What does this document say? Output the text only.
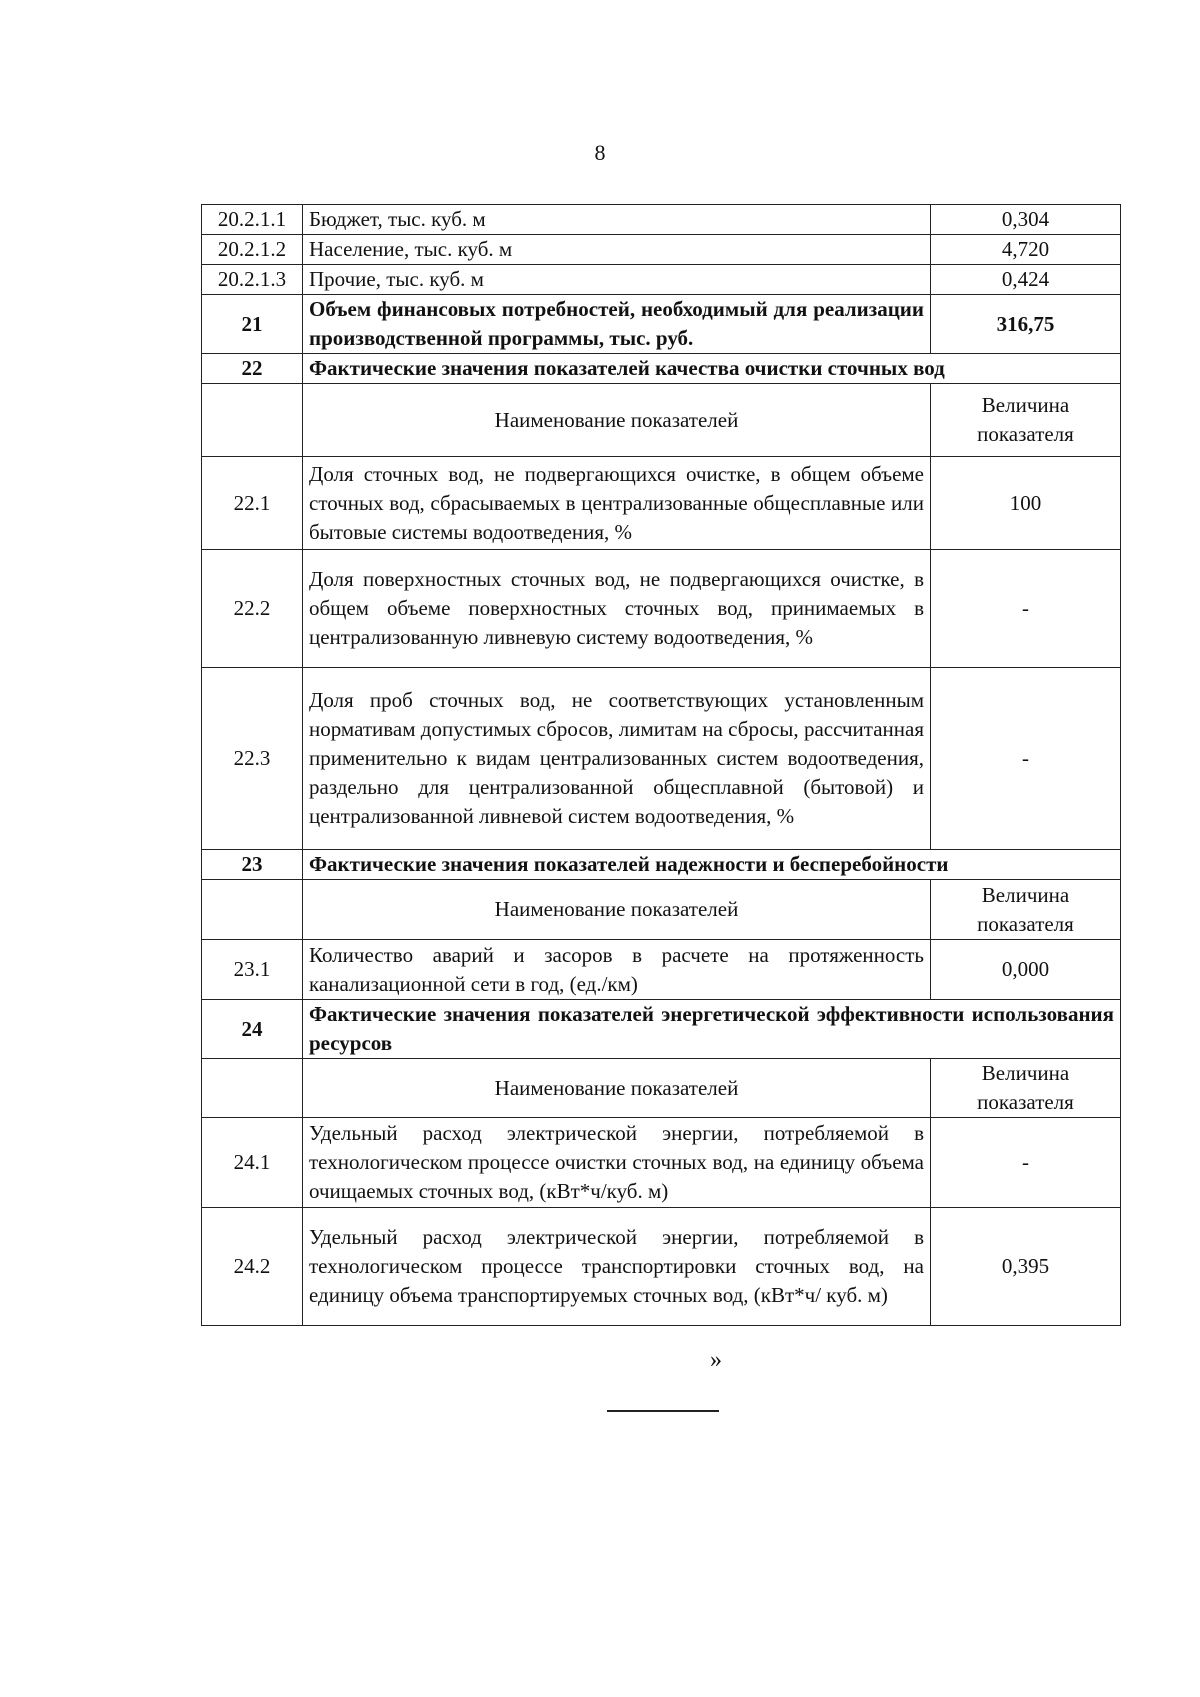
8
20.2.1.1	Бюджет, тыс. куб. м	0,304
20.2.1.2	Население, тыс. куб. м	4,720
20.2.1.3	Прочие, тыс. куб. м	0,424
21	Объем финансовых потребностей, необходимый для реализации производственной программы, тыс. руб.	316,75
22	Фактические значения показателей качества очистки сточных вод	
	Наименование показателей	Величина показателя
22.1	Доля сточных вод, не подвергающихся очистке, в общем объеме сточных вод, сбрасываемых в централизованные общесплавные или бытовые системы водоотведения, %	100
22.2	Доля поверхностных сточных вод, не подвергающихся очистке, в общем объеме поверхностных сточных вод, принимаемых в централизованную ливневую систему водоотведения, %	-
22.3	Доля проб сточных вод, не соответствующих установленным нормативам допустимых сбросов, лимитам на сбросы, рассчитанная применительно к видам централизованных систем водоотведения, раздельно для централизованной общесплавной (бытовой) и централизованной ливневой систем водоотведения, %	-
23	Фактические значения показателей надежности и бесперебойности	
	Наименование показателей	Величина показателя
23.1	Количество аварий и засоров в расчете на протяженность канализационной сети в год, (ед./км)	0,000
24	Фактические значения показателей энергетической эффективности использования ресурсов	
	Наименование показателей	Величина показателя
24.1	Удельный расход электрической энергии, потребляемой в технологическом процессе очистки сточных вод, на единицу объема очищаемых сточных вод, (кВт*ч/куб. м)	-
24.2	Удельный расход электрической энергии, потребляемой в технологическом процессе транспортировки сточных вод, на единицу объема транспортируемых сточных вод, (кВт*ч/ куб. м)	0,395
»
